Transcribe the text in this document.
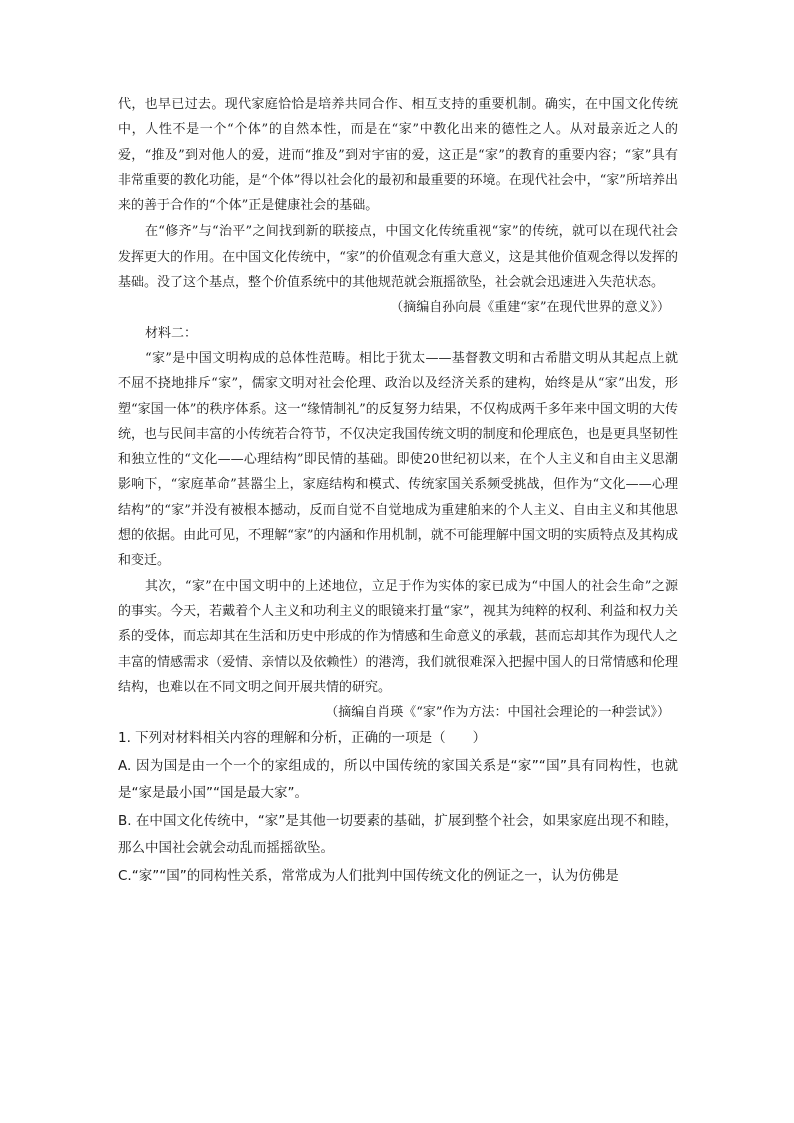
代，也早已过去。现代家庭恰恰是培养共同合作、相互支持的重要机制。确实，在中国文化传统中，人性不是一个“个体”的自然本性，而是在“家”中教化出来的德性之人。从对最亲近之人的爱，“推及”到对他人的爱，进而“推及”到对宇宙的爱，这正是“家”的教育的重要内容；“家”具有非常重要的教化功能，是“个体”得以社会化的最初和最重要的环境。在现代社会中，“家”所培养出来的善于合作的“个体”正是健康社会的基础。

在“修齐”与“治平”之间找到新的联接点，中国文化传统重视“家”的传统，就可以在现代社会发挥更大的作用。在中国文化传统中，“家”的价值观念有重大意义，这是其他价值观念得以发挥的基础。没了这个基点，整个价值系统中的其他规范就会瓶摇欲坠，社会就会迅速进入失范状态。

（摘编自孙向晨《重建“家”在现代世界的意义》）

材料二：

“家”是中国文明构成的总体性范畴。相比于犹太——基督教文明和古希腊文明从其起点上就不屈不挠地排斥“家”，儒家文明对社会伦理、政治以及经济关系的建构，始终是从“家”出发，形塑“家国一体”的秩序体系。这一“缘情制礼”的反复努力结果，不仅构成两千多年来中国文明的大传统，也与民间丰富的小传统若合符节，不仅决定我国传统文明的制度和伦理底色，也是更具坚韧性和独立性的“文化——心理结构”即民情的基础。即使20世纪初以来，在个人主义和自由主义思潮影响下，“家庭革命”甚嚣尘上，家庭结构和模式、传统家国关系频受挑战，但作为“文化——心理结构”的“家”并没有被根本撼动，反而自觉不自觉地成为重建舶来的个人主义、自由主义和其他思想的依据。由此可见，不理解“家”的内涵和作用机制，就不可能理解中国文明的实质特点及其构成和变迁。

其次，“家”在中国文明中的上述地位，立足于作为实体的家已成为“中国人的社会生命”之源的事实。今天，若戴着个人主义和功利主义的眼镜来打量“家”，视其为纯粹的权利、利益和权力关系的受体，而忘却其在生活和历史中形成的作为情感和生命意义的承载，甚而忘却其作为现代人之丰富的情感需求（爱情、亲情以及依赖性）的港湾，我们就很难深入把握中国人的日常情感和伦理结构，也难以在不同文明之间开展共情的研究。

（摘编自肖瑛《“家”作为方法：中国社会理论的一种尝试》）

1. 下列对材料相关内容的理解和分析，正确的一项是（　　）

A. 因为国是由一个一个的家组成的，所以中国传统的家国关系是“家”“国”具有同构性，也就是“家是最小国”“国是最大家”。

B. 在中国文化传统中，“家”是其他一切要素的基础，扩展到整个社会，如果家庭出现不和睦，那么中国社会就会动乱而摇摇欲坠。

C.“家”“国”的同构性关系，常常成为人们批判中国传统文化的例证之一，认为仿佛是
